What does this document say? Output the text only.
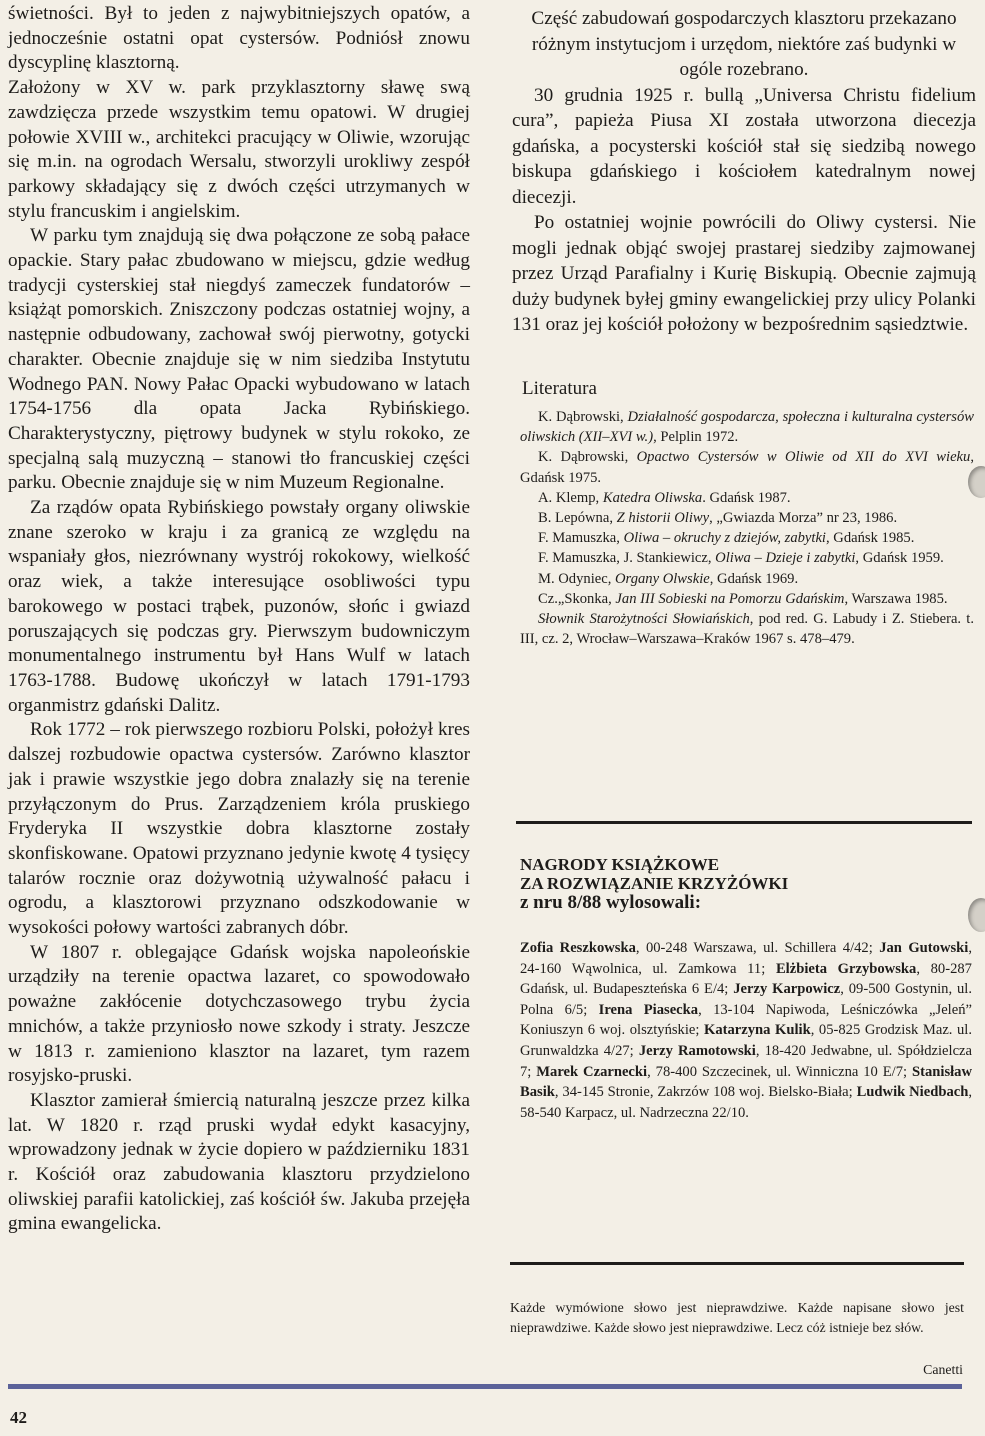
świetności. Był to jeden z najwybitniejszych opatów, a jednocześnie ostatni opat cystersów. Podniósł znowu dyscyplinę klasztorną.

Założony w XV w. park przyklasztorny sławę swą zawdzięcza przede wszystkim temu opatowi. W drugiej połowie XVIII w., architekci pracujący w Oliwie, wzorując się m.in. na ogrodach Wersalu, stworzyli urokliwy zespół parkowy składający się z dwóch części utrzymanych w stylu francuskim i angielskim.

W parku tym znajdują się dwa połączone ze sobą pałace opackie. Stary pałac zbudowano w miejscu, gdzie według tradycji cysterskiej stał niegdyś zameczek fundatorów – książąt pomorskich. Zniszczony podczas ostatniej wojny, a następnie odbudowany, zachował swój pierwotny, gotycki charakter. Obecnie znajduje się w nim siedziba Instytutu Wodnego PAN. Nowy Pałac Opacki wybudowano w latach 1754-1756 dla opata Jacka Rybińskiego. Charakterystyczny, piętrowy budynek w stylu rokoko, ze specjalną salą muzyczną – stanowi tło francuskiej części parku. Obecnie znajduje się w nim Muzeum Regionalne.

Za rządów opata Rybińskiego powstały organy oliwskie znane szeroko w kraju i za granicą ze względu na wspaniały głos, niezrównany wystrój rokokowy, wielkość oraz wiek, a także interesujące osobliwości typu barokowego w postaci trąbek, puzonów, słońc i gwiazd poruszających się podczas gry. Pierwszym budowniczym monumentalnego instrumentu był Hans Wulf w latach 1763-1788. Budowę ukończył w latach 1791-1793 organmistrz gdański Dalitz.

Rok 1772 – rok pierwszego rozbioru Polski, położył kres dalszej rozbudowie opactwa cystersów. Zarówno klasztor jak i prawie wszystkie jego dobra znalazły się na terenie przyłączonym do Prus. Zarządzeniem króla pruskiego Fryderyka II wszystkie dobra klasztorne zostały skonfiskowane. Opatowi przyznano jedynie kwotę 4 tysięcy talarów rocznie oraz dożywotnią używalność pałacu i ogrodu, a klasztorowi przyznano odszkodowanie w wysokości połowy wartości zabranych dóbr.

W 1807 r. oblegające Gdańsk wojska napoleońskie urządziły na terenie opactwa lazaret, co spowodowało poważne zakłócenie dotychczasowego trybu życia mnichów, a także przyniosło nowe szkody i straty. Jeszcze w 1813 r. zamieniono klasztor na lazaret, tym razem rosyjsko-pruski.

Klasztor zamierał śmiercią naturalną jeszcze przez kilka lat. W 1820 r. rząd pruski wydał edykt kasacyjny, wprowadzony jednak w życie dopiero w październiku 1831 r. Kościół oraz zabudowania klasztoru przydzielono oliwskiej parafii katolickiej, zaś kościół św. Jakuba przejęła gmina ewangelicka.

Część zabudowań gospodarczych klasztoru przekazano różnym instytucjom i urzędom, niektóre zaś budynki w ogóle rozebrano.

30 grudnia 1925 r. bullą „Universa Christu fidelium cura”, papieża Piusa XI została utworzona diecezja gdańska, a pocysterski kościół stał się siedzibą nowego biskupa gdańskiego i kościołem katedralnym nowej diecezji.

Po ostatniej wojnie powrócili do Oliwy cystersi. Nie mogli jednak objąć swojej prastarej siedziby zajmowanej przez Urząd Parafialny i Kurię Biskupią. Obecnie zajmują duży budynek byłej gminy ewangelickiej przy ulicy Polanki 131 oraz jej kościół położony w bezpośrednim sąsiedztwie.

Literatura
K. Dąbrowski, Działalność gospodarcza, społeczna i kulturalna cystersów oliwskich (XII–XVI w.), Pelplin 1972.
K. Dąbrowski, Opactwo Cystersów w Oliwie od XII do XVI wieku, Gdańsk 1975.
A. Klemp, Katedra Oliwska. Gdańsk 1987.
B. Lepówna, Z historii Oliwy, „Gwiazda Morza” nr 23, 1986.
F. Mamuszka, Oliwa – okruchy z dziejów, zabytki, Gdańsk 1985.
F. Mamuszka, J. Stankiewicz, Oliwa – Dzieje i zabytki, Gdańsk 1959.
M. Odyniec, Organy Olwskie, Gdańsk 1969.
Cz.„Skonka, Jan III Sobieski na Pomorzu Gdańskim, Warszawa 1985.
Słownik Starożytności Słowiańskich, pod red. G. Labudy i Z. Stiebera. t. III, cz. 2, Wrocław–Warszawa–Kraków 1967 s. 478–479.
NAGRODY KSIĄŻKOWE
ZA ROZWIĄZANIE KRZYŻÓWKI
z nru 8/88 wylosowali:

Zofia Reszkowska, 00-248 Warszawa, ul. Schillera 4/42; Jan Gutowski, 24-160 Wąwolnica, ul. Zamkowa 11; Elżbieta Grzybowska, 80-287 Gdańsk, ul. Budapeszteńska 6 E/4; Jerzy Karpowicz, 09-500 Gostynin, ul. Polna 6/5; Irena Piasecka, 13-104 Napiwoda, Leśniczówka „Jeleń” Koniuszyn 6 woj. olsztyńskie; Katarzyna Kulik, 05-825 Grodzisk Maz. ul. Grunwaldzka 4/27; Jerzy Ramotowski, 18-420 Jedwabne, ul. Spółdzielcza 7; Marek Czarnecki, 78-400 Szczecinek, ul. Winniczna 10 E/7; Stanisław Basik, 34-145 Stronie, Zakrzów 108 woj. Bielsko-Biała; Ludwik Niedbach, 58-540 Karpacz, ul. Nadrzeczna 22/10.

Każde wymówione słowo jest nieprawdziwe. Każde napisane słowo jest nieprawdziwe. Każde słowo jest nieprawdziwe. Lecz cóż istnieje bez słów.

Canetti

42
